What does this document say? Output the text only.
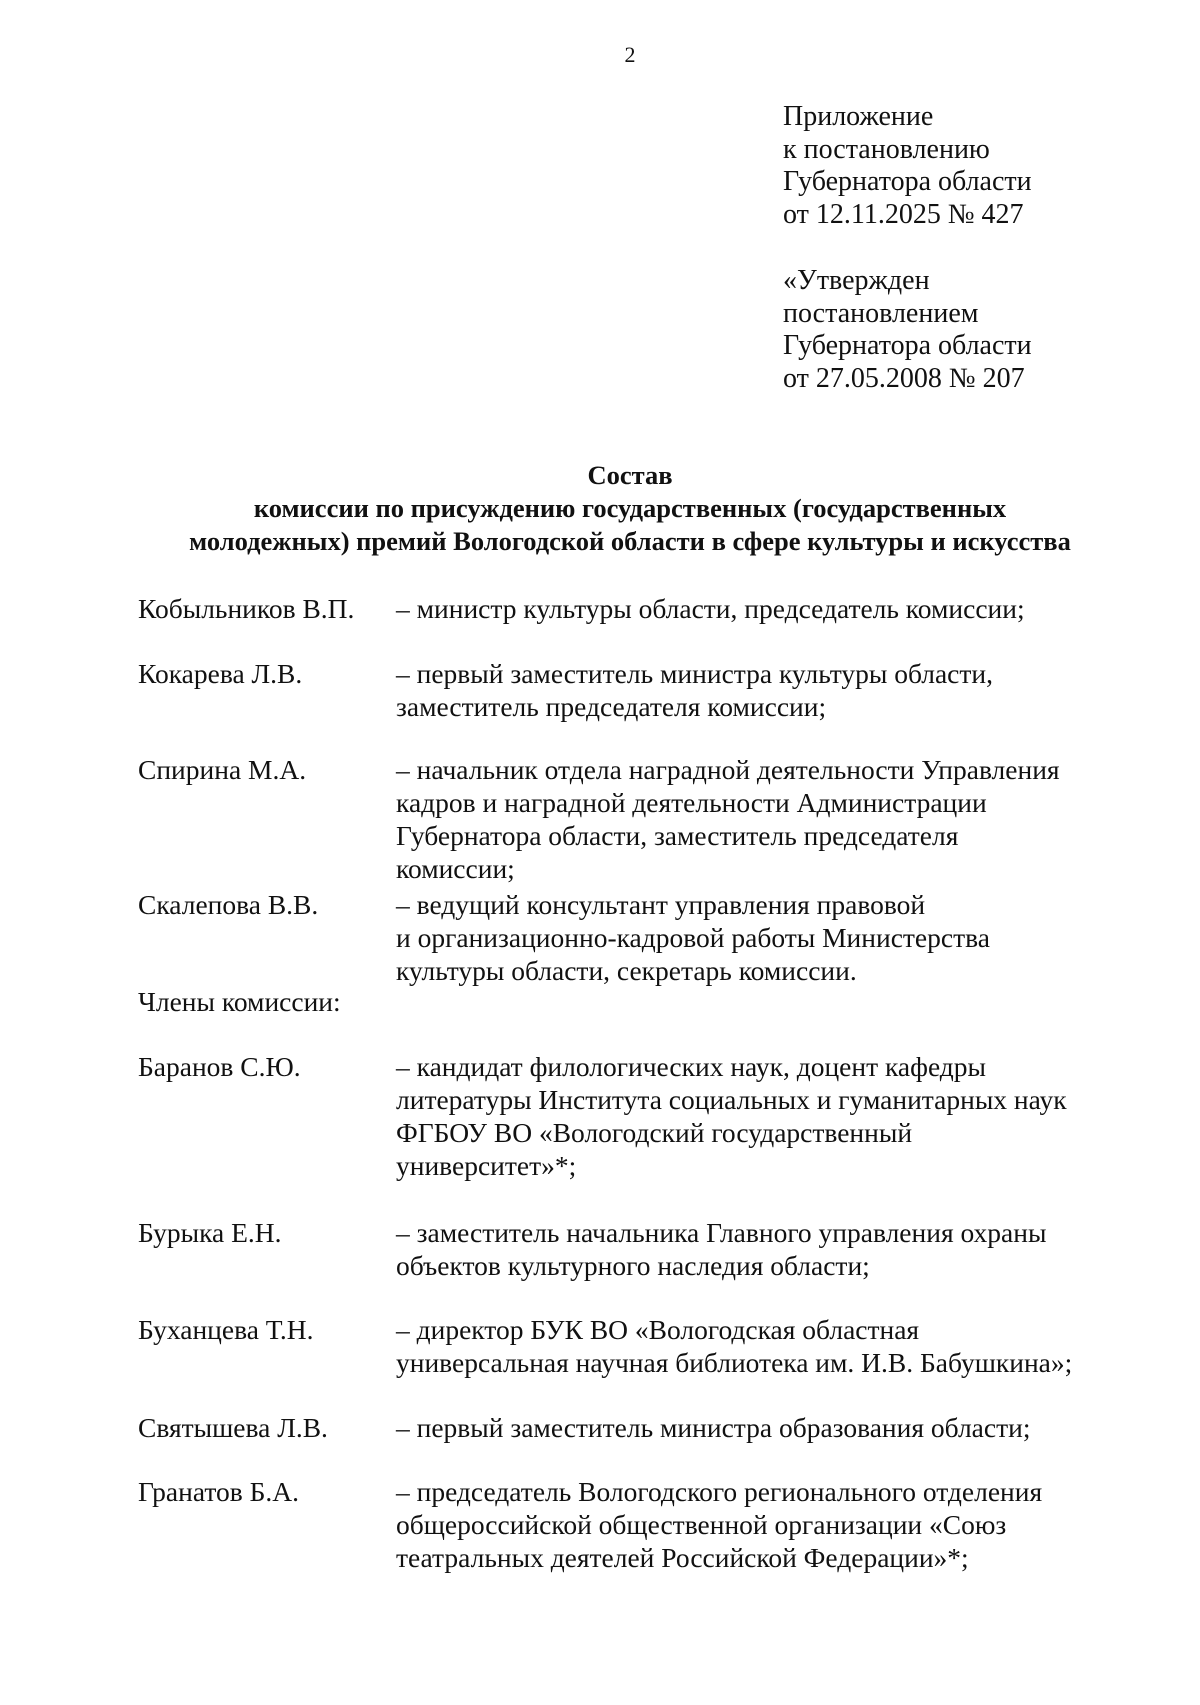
2
Приложение
к постановлению
Губернатора области
от 12.11.2025 № 427
«Утвержден
постановлением
Губернатора области
от 27.05.2008 № 207
Состав
комиссии по присуждению государственных (государственных
молодежных) премий Вологодской области в сфере культуры и искусства
Кобыльников В.П. – министр культуры области, председатель комиссии;
Кокарева Л.В.	– первый заместитель министра культуры области,
заместитель председателя комиссии;
Спирина М.А.	– начальник отдела наградной деятельности Управления
кадров и наградной деятельности Администрации
Губернатора области, заместитель председателя
комиссии;
Скалепова В.В.	– ведущий консультант управления правовой
и организационно-кадровой работы Министерства
культуры области, секретарь комиссии.
Члены комиссии:
Баранов С.Ю.	– кандидат филологических наук, доцент кафедры
литературы Института социальных и гуманитарных наук
ФГБОУ ВО «Вологодский государственный
университет»*;
Бурыка Е.Н.	– заместитель начальника Главного управления охраны
объектов культурного наследия области;
Буханцева Т.Н.	– директор БУК ВО «Вологодская областная
универсальная научная библиотека им. И.В. Бабушкина»;
Святышева Л.В. – первый заместитель министра образования области;
Гранатов Б.А.	– председатель Вологодского регионального отделения
общероссийской общественной организации «Союз
театральных деятелей Российской Федерации»*;
